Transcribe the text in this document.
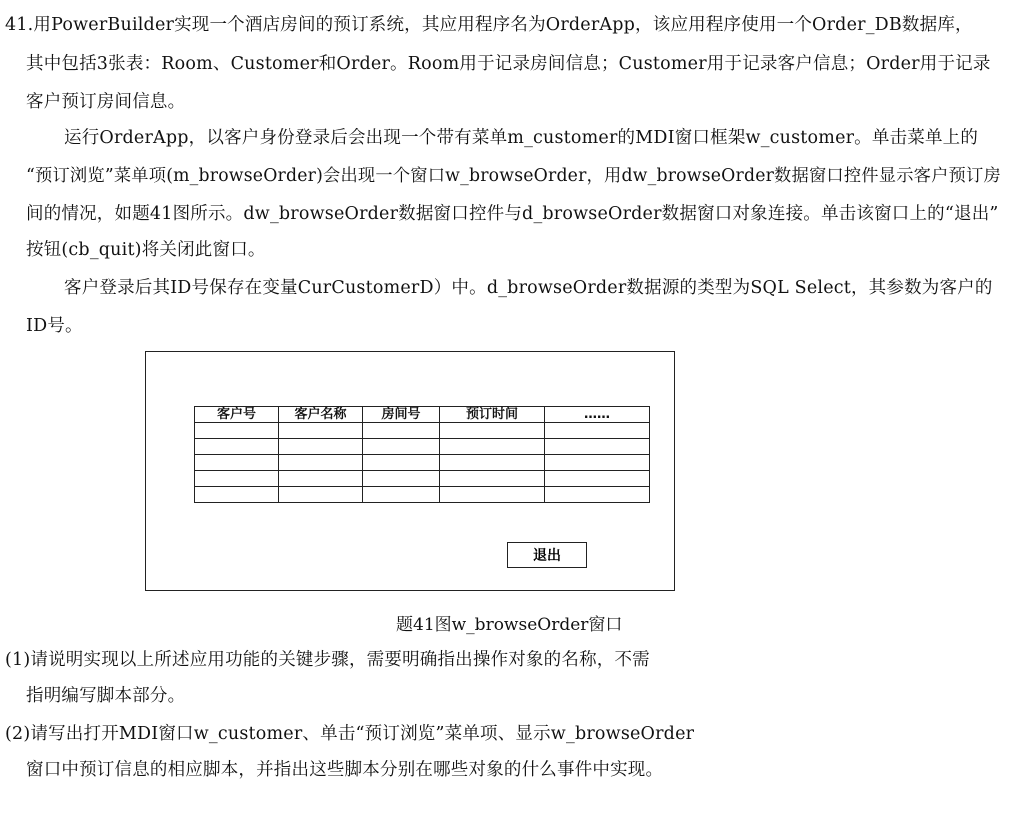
41.用PowerBuilder实现一个酒店房间的预订系统，其应用程序名为OrderApp，该应用程序使用一个Order_DB数据库，
其中包括3张表：Room、Customer和Order。Room用于记录房间信息；Customer用于记录客户信息；Order用于记录
客户预订房间信息。
运行OrderApp，以客户身份登录后会出现一个带有菜单m_customer的MDI窗口框架w_customer。单击菜单上的
“预订浏览”菜单项(m_browseOrder)会出现一个窗口w_browseOrder，用dw_browseOrder数据窗口控件显示客户预订房
间的情况，如题41图所示。dw_browseOrder数据窗口控件与d_browseOrder数据窗口对象连接。单击该窗口上的“退出”
按钮(cb_quit)将关闭此窗口。
客户登录后其ID号保存在变量CurCustomerD）中。d_browseOrder数据源的类型为SQL Select，其参数为客户的
ID号。
客户号	客户名称	房间号	预订时间	……

退出
题41图w_browseOrder窗口
(1)请说明实现以上所述应用功能的关键步骤，需要明确指出操作对象的名称，不需
指明编写脚本部分。
(2)请写出打开MDI窗口w_customer、单击“预订浏览”菜单项、显示w_browseOrder
窗口中预订信息的相应脚本，并指出这些脚本分别在哪些对象的什么事件中实现。
